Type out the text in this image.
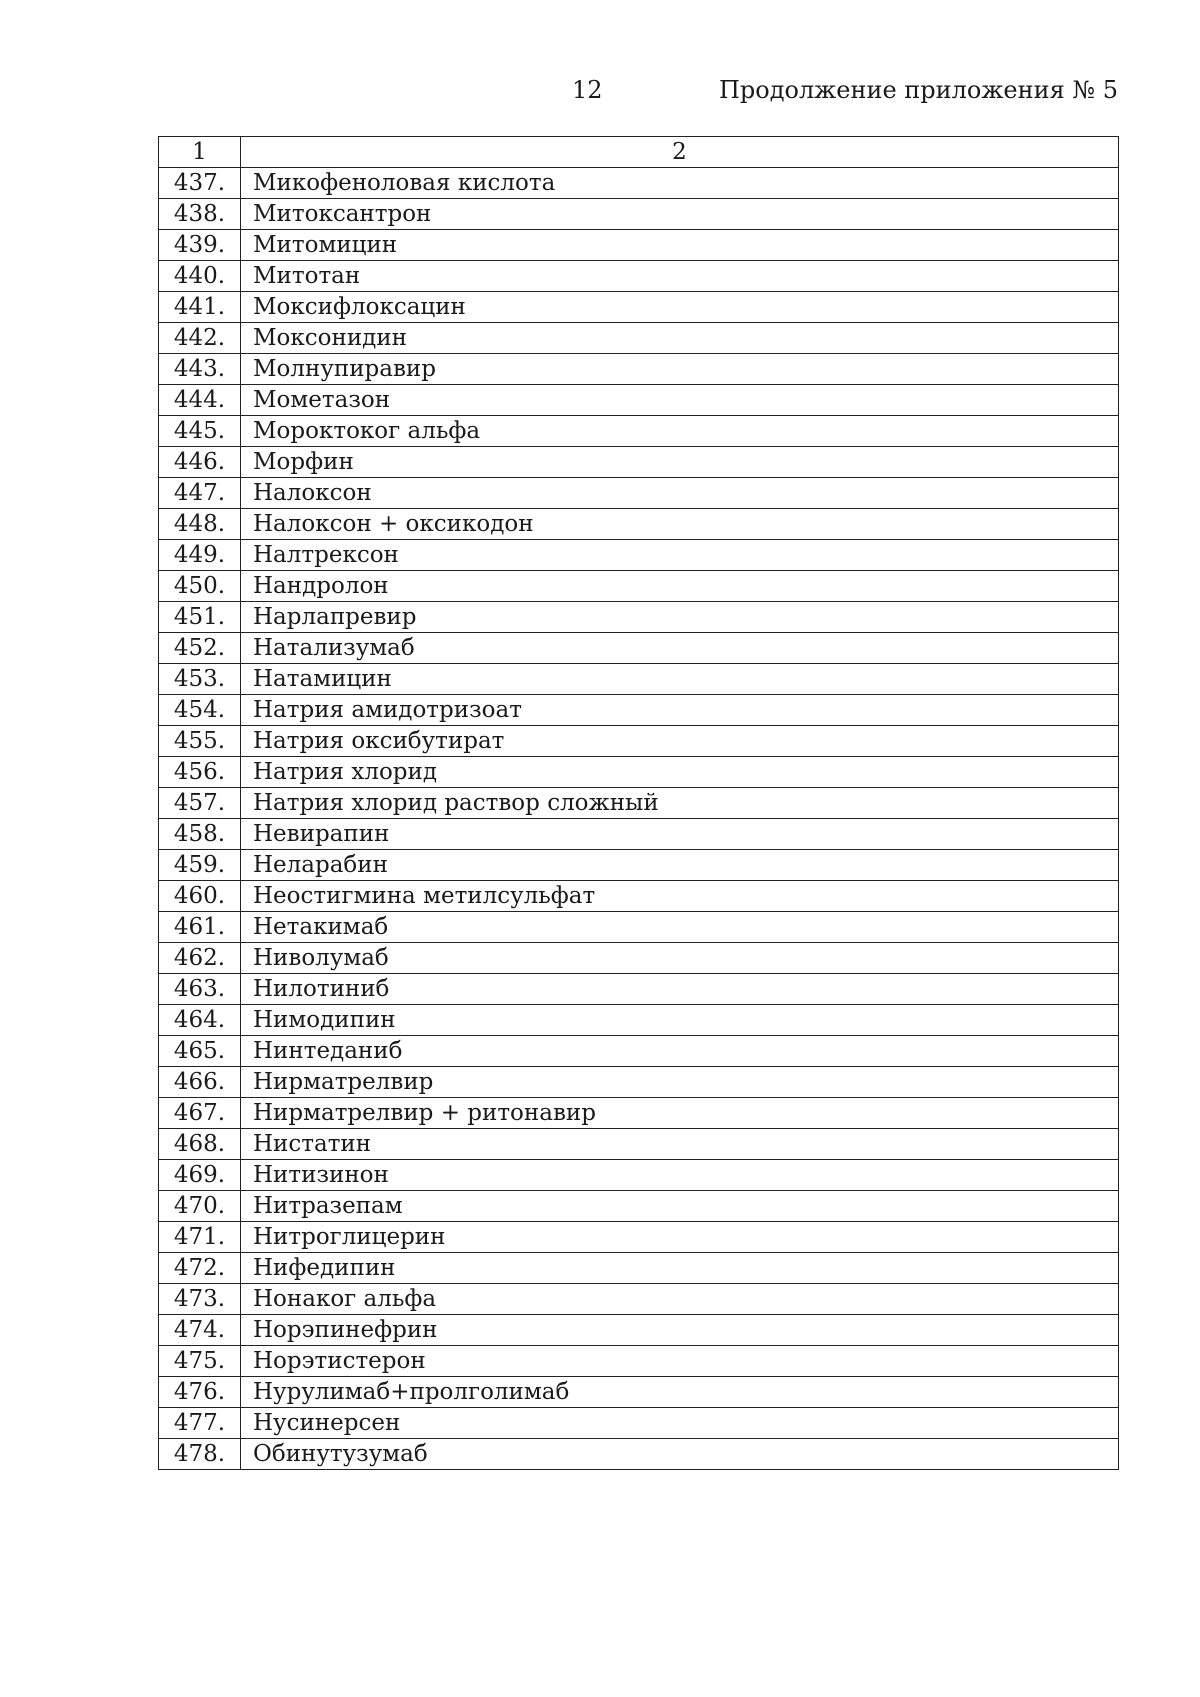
12	Продолжение приложения № 5
1	2
437.	Микофеноловая кислота
438.	Митоксантрон
439.	Митомицин
440.	Митотан
441.	Моксифлоксацин
442.	Моксонидин
443.	Молнупиравир
444.	Мометазон
445.	Мороктоког альфа
446.	Морфин
447.	Налоксон
448.	Налоксон + оксикодон
449.	Налтрексон
450.	Нандролон
451.	Нарлапревир
452.	Натализумаб
453.	Натамицин
454.	Натрия амидотризоат
455.	Натрия оксибутират
456.	Натрия хлорид
457.	Натрия хлорид раствор сложный
458.	Невирапин
459.	Неларабин
460.	Неостигмина метилсульфат
461.	Нетакимаб
462.	Ниволумаб
463.	Нилотиниб
464.	Нимодипин
465.	Нинтеданиб
466.	Нирматрелвир
467.	Нирматрелвир + ритонавир
468.	Нистатин
469.	Нитизинон
470.	Нитразепам
471.	Нитроглицерин
472.	Нифедипин
473.	Нонаког альфа
474.	Норэпинефрин
475.	Норэтистерон
476.	Нурулимаб+пролголимаб
477.	Нусинерсен
478.	Обинутузумаб
